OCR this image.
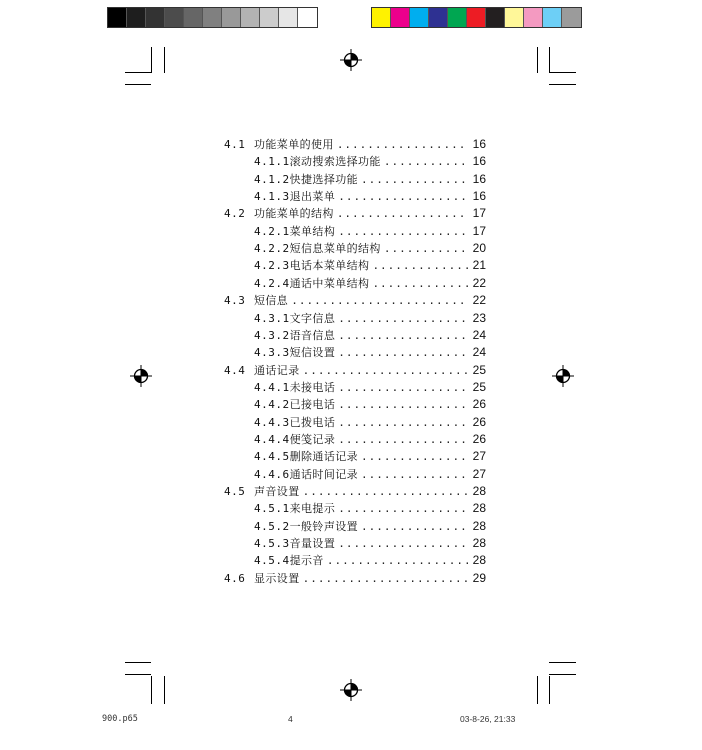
4.1 功能菜单的使用 .....	16
4.1.1 滚动搜索选择功能 .....	16
4.1.2 快捷选择功能 .....	16
4.1.3 退出菜单 .....	16
4.2 功能菜单的结构 .....	17
4.2.1 菜单结构 .....	17
4.2.2 短信息菜单的结构 .....	20
4.2.3 电话本菜单结构 .....	21
4.2.4 通话中菜单结构 .....	22
4.3 短信息 .....	22
4.3.1 文字信息 .....	23
4.3.2 语音信息 .....	24
4.3.3 短信设置 .....	24
4.4 通话记录 .....	25
4.4.1 未接电话 .....	25
4.4.2 已接电话 .....	26
4.4.3 已拨电话 .....	26
4.4.4 便笺记录 .....	26
4.4.5 删除通话记录 .....	27
4.4.6 通话时间记录 .....	27
4.5 声音设置 .....	28
4.5.1 来电提示 .....	28
4.5.2 一般铃声设置 .....	28
4.5.3 音量设置 .....	28
4.5.4 提示音 .....	28
4.6 显示设置 .....	29
900.p65	4	03-8-26, 21:33
